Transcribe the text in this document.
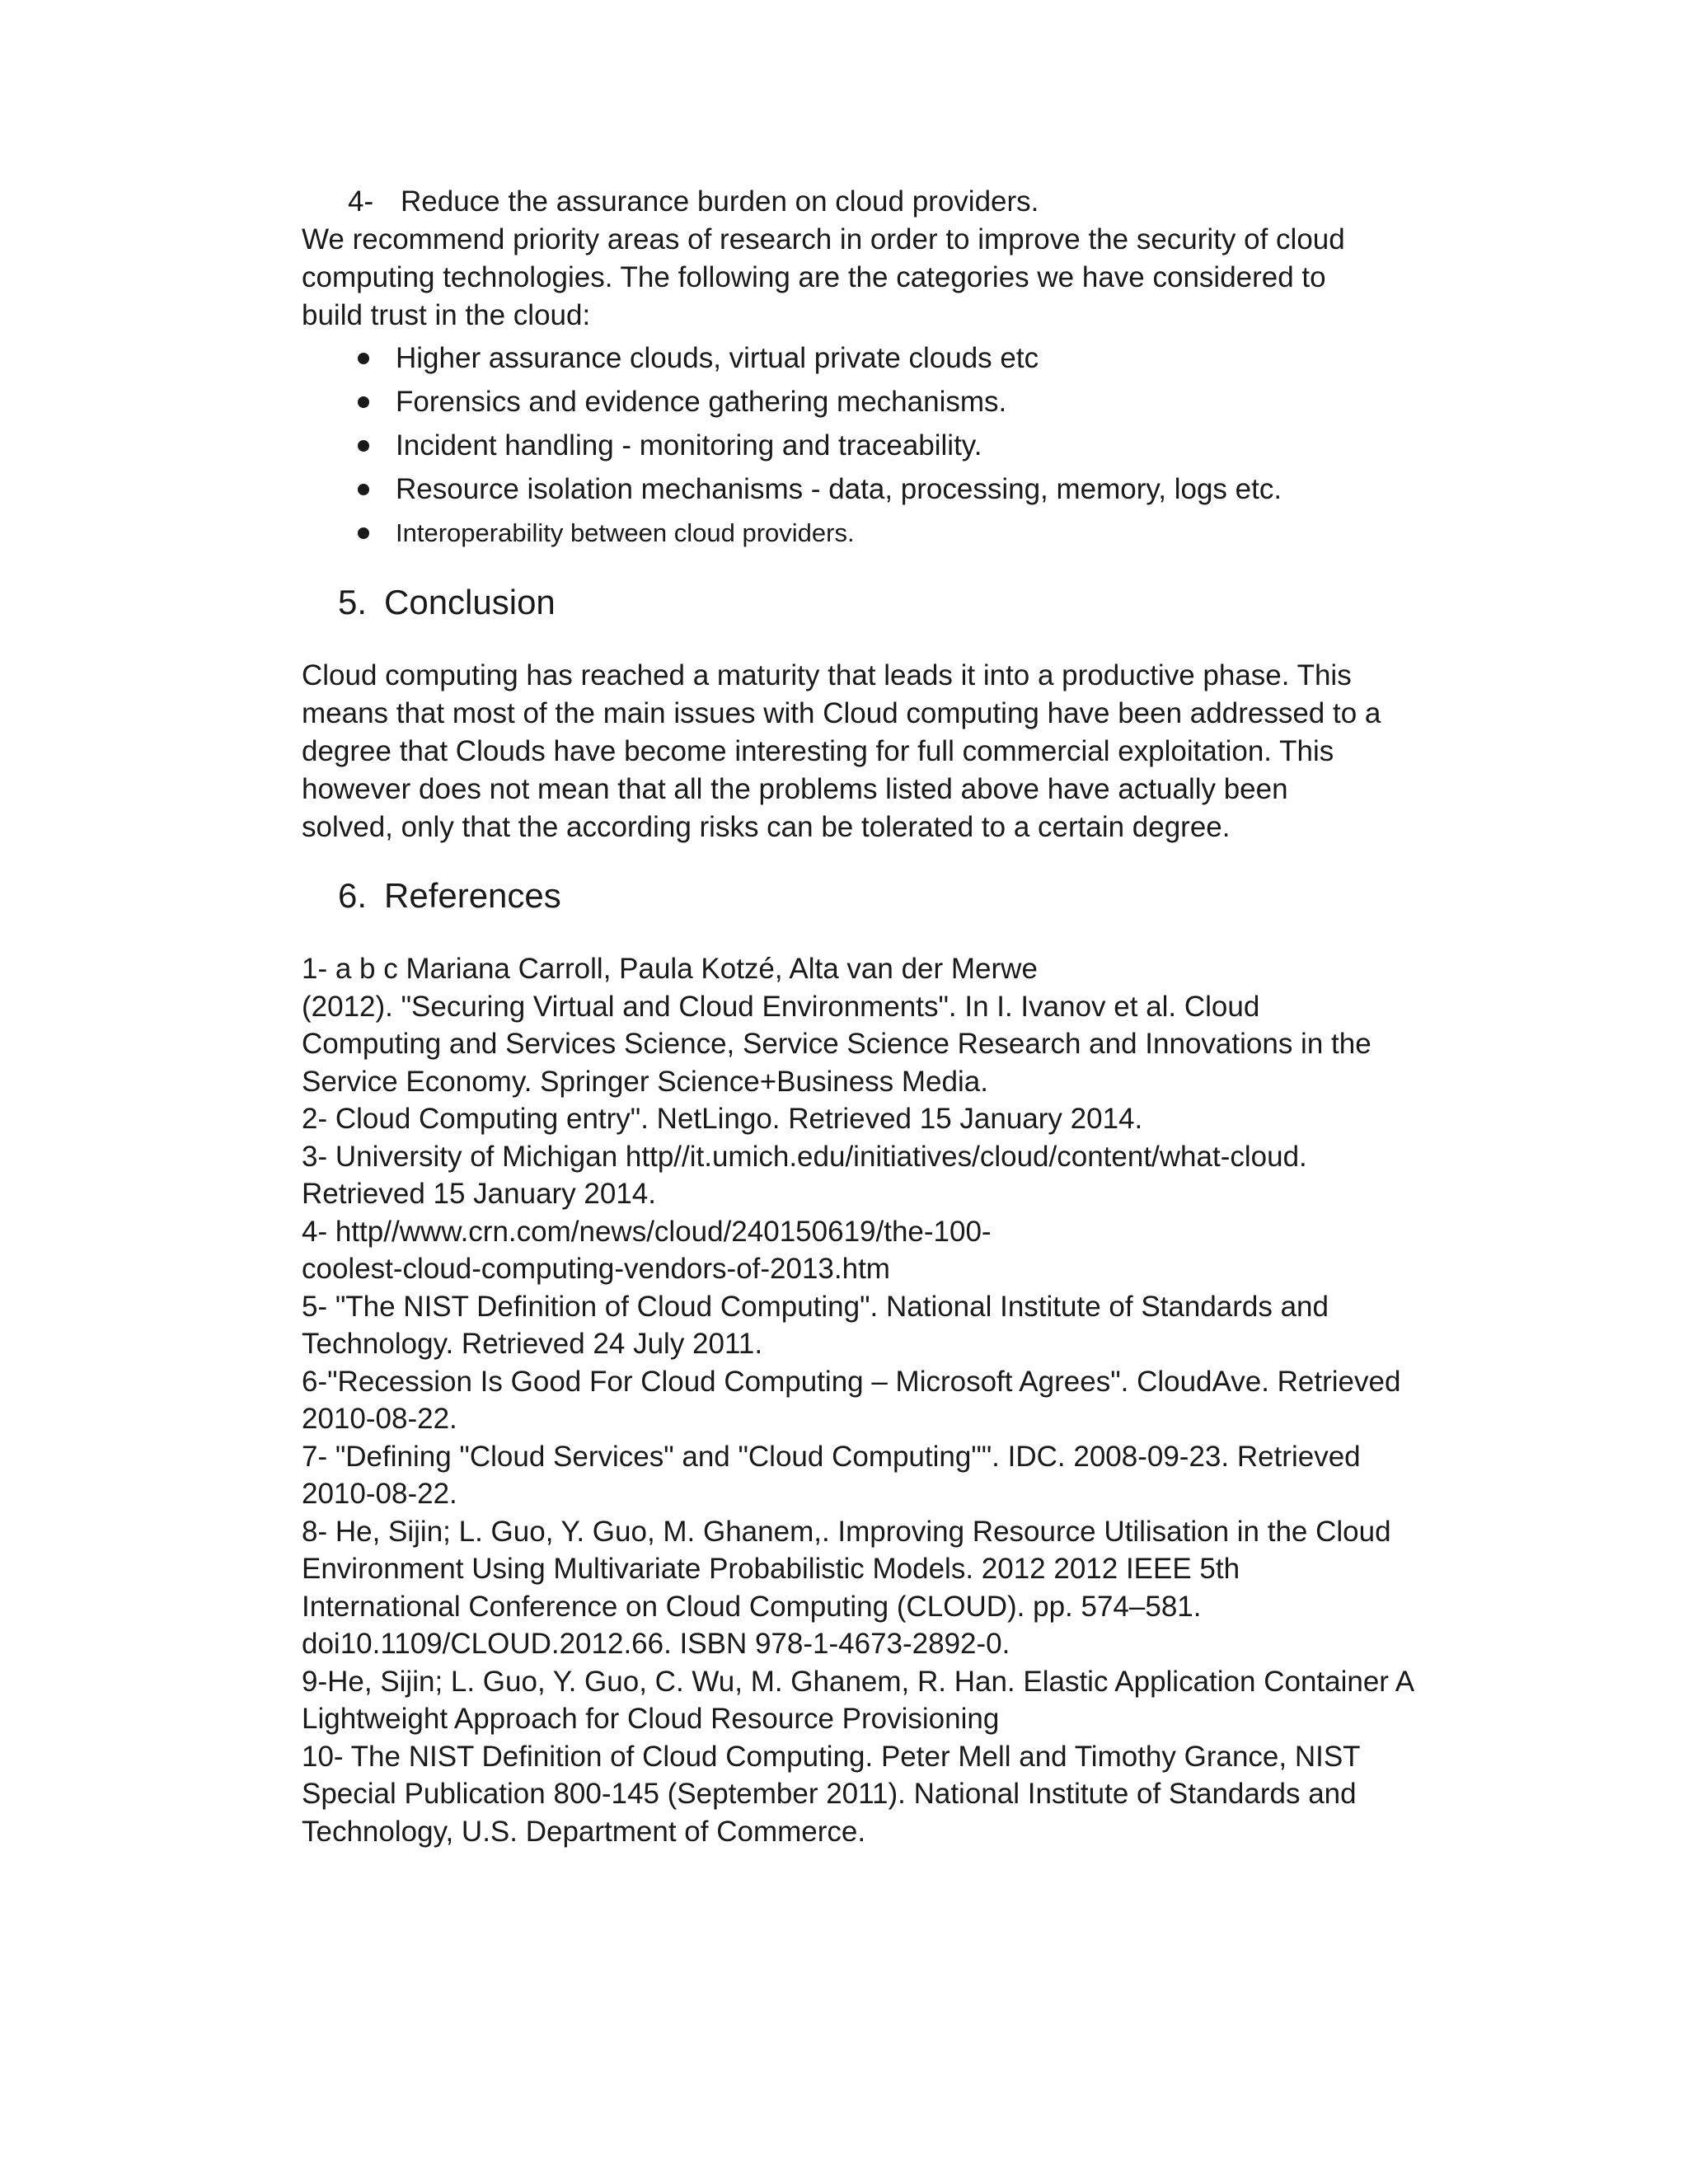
4- Reduce the assurance burden on cloud providers.
We recommend priority areas of research in order to improve the security of cloud
computing technologies. The following are the categories we have considered to
build trust in the cloud:
Higher assurance clouds, virtual private clouds etc
Forensics and evidence gathering mechanisms.
Incident handling - monitoring and traceability.
Resource isolation mechanisms - data, processing, memory, logs etc.
Interoperability between cloud providers.
5. Conclusion
Cloud computing has reached a maturity that leads it into a productive phase. This
means that most of the main issues with Cloud computing have been addressed to a
degree that Clouds have become interesting for full commercial exploitation. This
however does not mean that all the problems listed above have actually been
solved, only that the according risks can be tolerated to a certain degree.
6. References
1- a b c Mariana Carroll, Paula Kotzé, Alta van der Merwe
(2012). "Securing Virtual and Cloud Environments". In I. Ivanov et al. Cloud
Computing and Services Science, Service Science Research and Innovations in the
Service Economy. Springer Science+Business Media.
2- Cloud Computing entry". NetLingo. Retrieved 15 January 2014.
3- University of Michigan http//it.umich.edu/initiatives/cloud/content/what-cloud.
Retrieved 15 January 2014.
4- http//www.crn.com/news/cloud/240150619/the-100-
coolest-cloud-computing-vendors-of-2013.htm
5- "The NIST Definition of Cloud Computing". National Institute of Standards and
Technology. Retrieved 24 July 2011.
6-"Recession Is Good For Cloud Computing – Microsoft Agrees". CloudAve. Retrieved
2010-08-22.
7- "Defining "Cloud Services" and "Cloud Computing"". IDC. 2008-09-23. Retrieved
2010-08-22.
8- He, Sijin; L. Guo, Y. Guo, M. Ghanem,. Improving Resource Utilisation in the Cloud
Environment Using Multivariate Probabilistic Models. 2012 2012 IEEE 5th
International Conference on Cloud Computing (CLOUD). pp. 574–581.
doi10.1109/CLOUD.2012.66. ISBN 978-1-4673-2892-0.
9-He, Sijin; L. Guo, Y. Guo, C. Wu, M. Ghanem, R. Han. Elastic Application Container A
Lightweight Approach for Cloud Resource Provisioning
10- The NIST Definition of Cloud Computing. Peter Mell and Timothy Grance, NIST
Special Publication 800-145 (September 2011). National Institute of Standards and
Technology, U.S. Department of Commerce.
